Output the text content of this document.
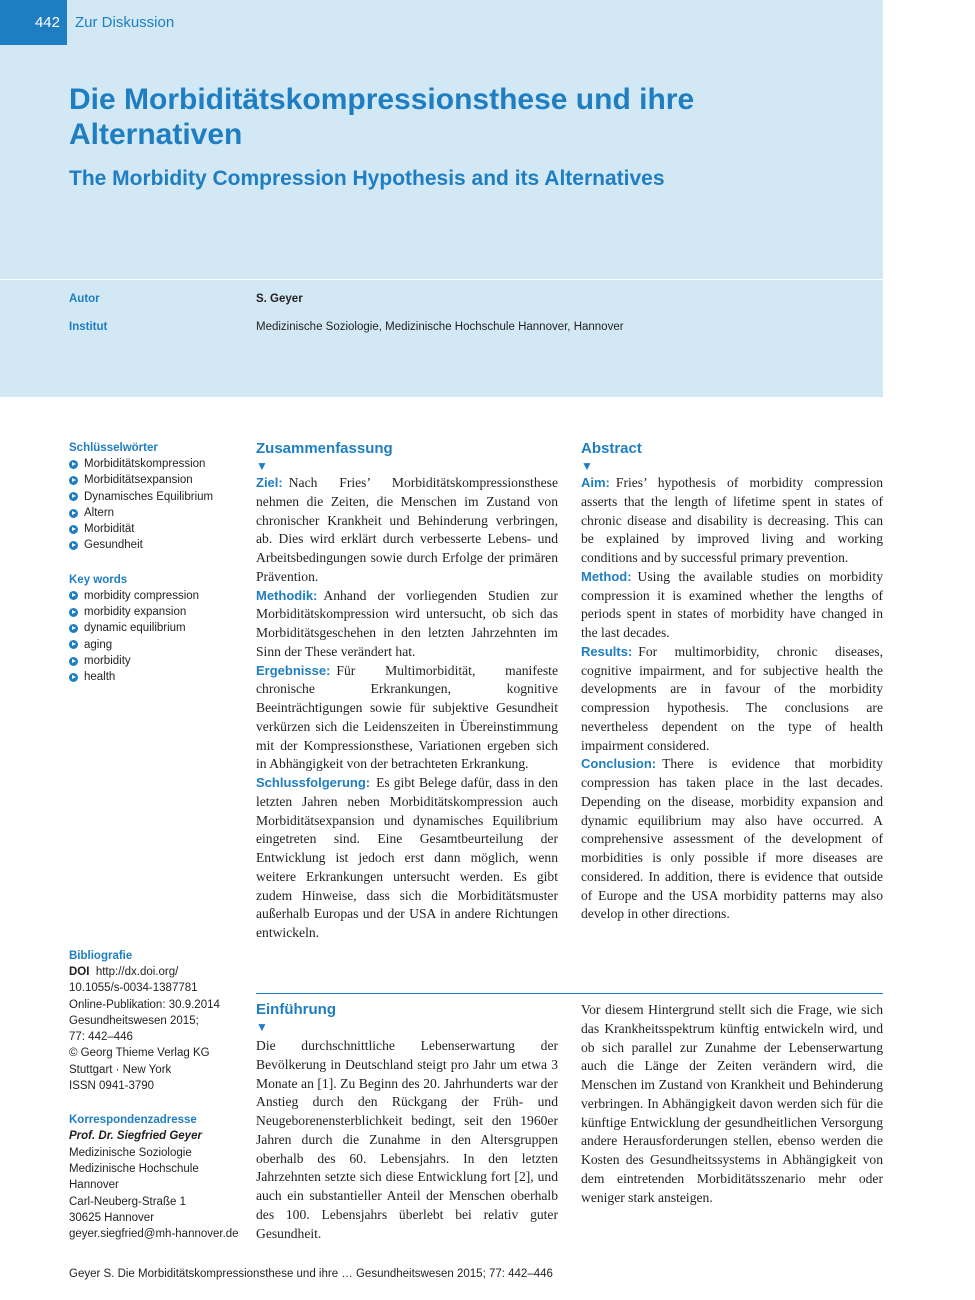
442	Zur Diskussion
Die Morbiditätskompressionsthese und ihre Alternativen
The Morbidity Compression Hypothesis and its Alternatives
Autor	S. Geyer
Institut	Medizinische Soziologie, Medizinische Hochschule Hannover, Hannover
Schlüsselwörter
Morbiditätskompression
Morbiditätsexpansion
Dynamisches Equilibrium
Altern
Morbidität
Gesundheit
Key words
morbidity compression
morbidity expansion
dynamic equilibrium
aging
morbidity
health
Bibliografie
DOI http://dx.doi.org/
10.1055/s-0034-1387781
Online-Publikation: 30.9.2014
Gesundheitswesen 2015;
77: 442–446
© Georg Thieme Verlag KG
Stuttgart · New York
ISSN 0941-3790
Korrespondenzadresse
Prof. Dr. Siegfried Geyer
Medizinische Soziologie
Medizinische Hochschule
Hannover
Carl-Neuberg-Straße 1
30625 Hannover
geyer.siegfried@mh-hannover.de
Zusammenfassung
▼

Ziel: Nach Fries’ Morbiditätskompressionsthese nehmen die Zeiten, die Menschen im Zustand von chronischer Krankheit und Behinderung verbringen, ab. Dies wird erklärt durch verbesserte Lebens- und Arbeitsbedingungen sowie durch Erfolge der primären Prävention.

Methodik: Anhand der vorliegenden Studien zur Morbiditätskompression wird untersucht, ob sich das Morbiditätsgeschehen in den letzten Jahrzehnten im Sinn der These verändert hat.

Ergebnisse: Für Multimorbidität, manifeste chronische Erkrankungen, kognitive Beeinträchtigungen sowie für subjektive Gesundheit verkürzen sich die Leidenszeiten in Übereinstimmung mit der Kompressionsthese, Variationen ergeben sich in Abhängigkeit von der betrachteten Erkrankung.

Schlussfolgerung: Es gibt Belege dafür, dass in den letzten Jahren neben Morbiditätskompression auch Morbiditätsexpansion und dynamisches Equilibrium eingetreten sind. Eine Gesamtbeurteilung der Entwicklung ist jedoch erst dann möglich, wenn weitere Erkrankungen untersucht werden. Es gibt zudem Hinweise, dass sich die Morbiditätsmuster außerhalb Europas und der USA in andere Richtungen entwickeln.

Abstract
▼

Aim: Fries’ hypothesis of morbidity compression asserts that the length of lifetime spent in states of chronic disease and disability is decreasing. This can be explained by improved living and working conditions and by successful primary prevention.

Method: Using the available studies on morbidity compression it is examined whether the lengths of periods spent in states of morbidity have changed in the last decades.

Results: For multimorbidity, chronic diseases, cognitive impairment, and for subjective health the developments are in favour of the morbidity compression hypothesis. The conclusions are nevertheless dependent on the type of health impairment considered.

Conclusion: There is evidence that morbidity compression has taken place in the last decades. Depending on the disease, morbidity expansion and dynamic equilibrium may also have occurred. A comprehensive assessment of the development of morbidities is only possible if more diseases are considered. In addition, there is evidence that outside of Europe and the USA morbidity patterns may also develop in other directions.

Einführung
▼

Die durchschnittliche Lebenserwartung der Bevölkerung in Deutschland steigt pro Jahr um etwa 3 Monate an [1]. Zu Beginn des 20. Jahrhunderts war der Anstieg durch den Rückgang der Früh- und Neugeborenensterblichkeit bedingt, seit den 1960er Jahren durch die Zunahme in den Altersgruppen oberhalb des 60. Lebensjahrs. In den letzten Jahrzehnten setzte sich diese Entwicklung fort [2], und auch ein substantieller Anteil der Menschen oberhalb des 100. Lebensjahrs überlebt bei relativ guter Gesundheit.

Vor diesem Hintergrund stellt sich die Frage, wie sich das Krankheitsspektrum künftig entwickeln wird, und ob sich parallel zur Zunahme der Lebenserwartung auch die Länge der Zeiten verändern wird, die Menschen im Zustand von Krankheit und Behinderung verbringen. In Abhängigkeit davon werden sich für die künftige Entwicklung der gesundheitlichen Versorgung andere Herausforderungen stellen, ebenso werden die Kosten des Gesundheitssystems in Abhängigkeit von dem eintretenden Morbiditätsszenario mehr oder weniger stark ansteigen.

Geyer S. Die Morbiditätskompressionsthese und ihre … Gesundheitswesen 2015; 77: 442–446
